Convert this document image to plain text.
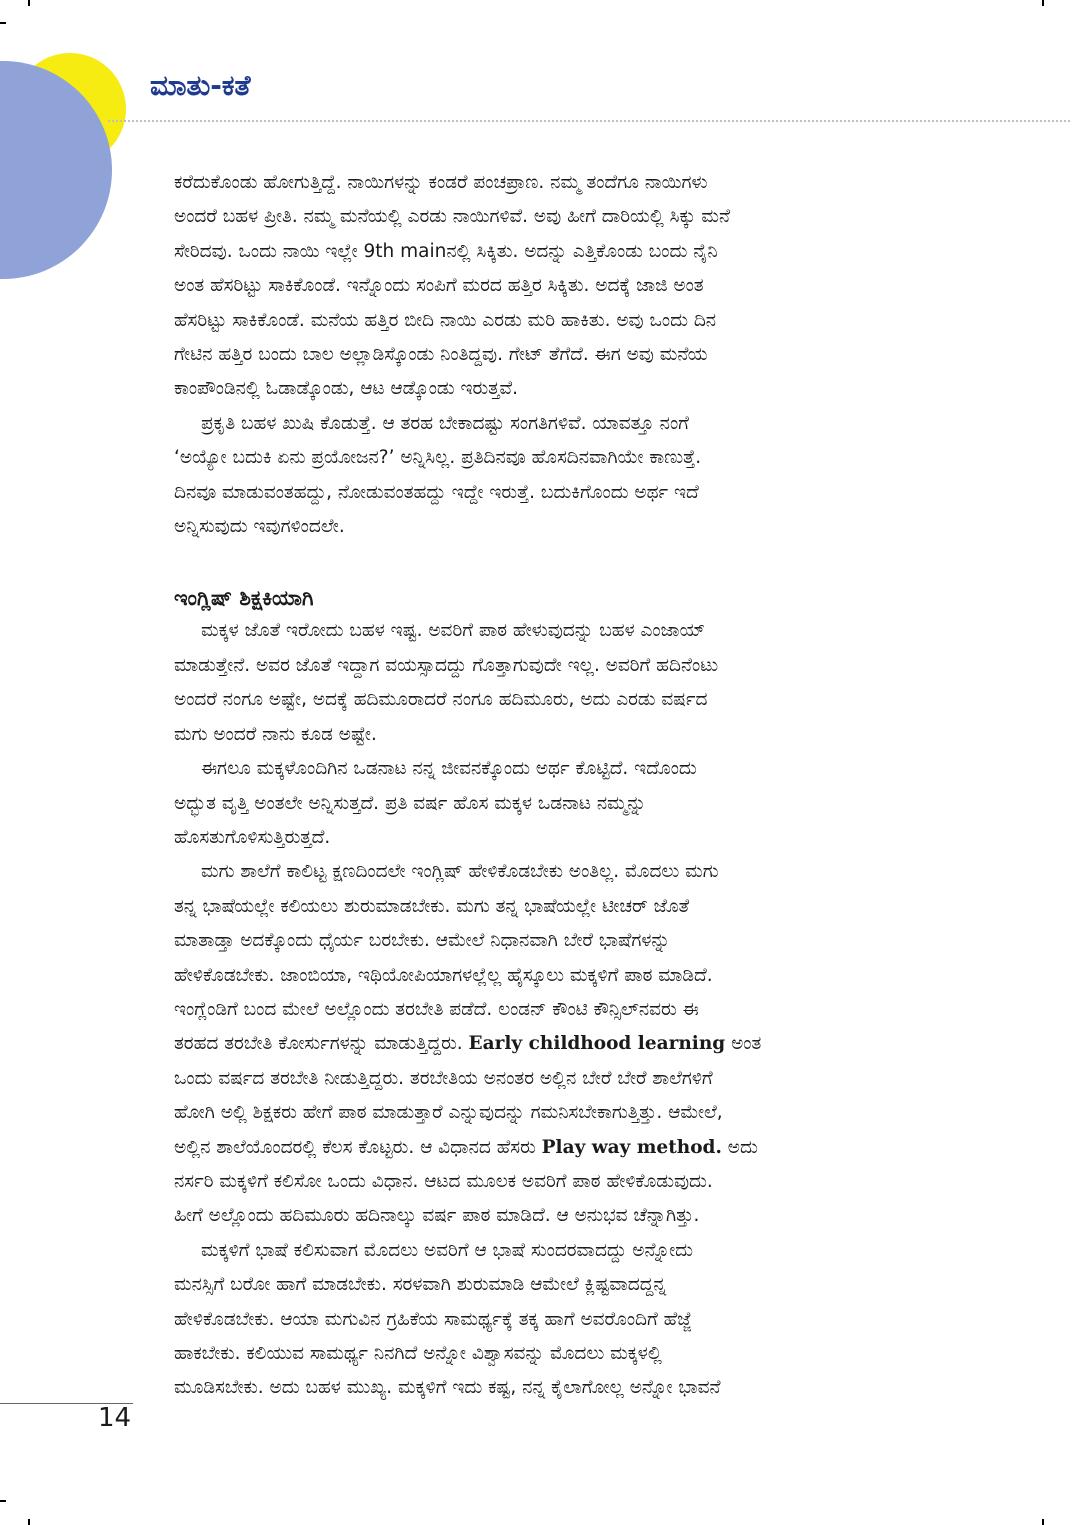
ಮಾತು-ಕತೆ

ಕರೆದುಕೊಂಡು ಹೋಗುತ್ತಿದ್ದೆ. ನಾಯಿಗಳನ್ನು ಕಂಡರೆ ಪಂಚಪ್ರಾಣ. ನಮ್ಮ ತಂದೆಗೂ ನಾಯಿಗಳು
ಅಂದರೆ ಬಹಳ ಪ್ರೀತಿ. ನಮ್ಮ ಮನೆಯಲ್ಲಿ ಎರಡು ನಾಯಿಗಳಿವೆ. ಅವು ಹೀಗೆ ದಾರಿಯಲ್ಲಿ ಸಿಕ್ಕು ಮನೆ
ಸೇರಿದವು. ಒಂದು ನಾಯಿ ಇಲ್ಲೇ 9th mainನಲ್ಲಿ ಸಿಕ್ಕಿತು. ಅದನ್ನು ಎತ್ತಿಕೊಂಡು ಬಂದು ನೈನಿ
ಅಂತ ಹೆಸರಿಟ್ಟು ಸಾಕಿಕೊಂಡೆ. ಇನ್ನೊಂದು ಸಂಪಿಗೆ ಮರದ ಹತ್ತಿರ ಸಿಕ್ಕಿತು. ಅದಕ್ಕೆ ಜಾಜಿ ಅಂತ
ಹೆಸರಿಟ್ಟು ಸಾಕಿಕೊಂಡೆ. ಮನೆಯ ಹತ್ತಿರ ಬೀದಿ ನಾಯಿ ಎರಡು ಮರಿ ಹಾಕಿತು. ಅವು ಒಂದು ದಿನ
ಗೇಟಿನ ಹತ್ತಿರ ಬಂದು ಬಾಲ ಅಲ್ಲಾಡಿಸ್ಕೊಂಡು ನಿಂತಿದ್ದವು. ಗೇಟ್ ತೆಗೆದೆ. ಈಗ ಅವು ಮನೆಯ
ಕಾಂಪೌಂಡಿನಲ್ಲಿ ಓಡಾಡ್ಕೊಂಡು, ಆಟ ಆಡ್ಕೊಂಡು ಇರುತ್ತವೆ.

ಪ್ರಕೃತಿ ಬಹಳ ಖುಷಿ ಕೊಡುತ್ತೆ. ಆ ತರಹ ಬೇಕಾದಷ್ಟು ಸಂಗತಿಗಳಿವೆ. ಯಾವತ್ತೂ ನಂಗೆ
‘ಅಯ್ಯೋ ಬದುಕಿ ಏನು ಪ್ರಯೋಜನ?’ ಅನ್ನಿಸಿಲ್ಲ. ಪ್ರತಿದಿನವೂ ಹೊಸದಿನವಾಗಿಯೇ ಕಾಣುತ್ತೆ.
ದಿನವೂ ಮಾಡುವಂತಹದ್ದು, ನೋಡುವಂತಹದ್ದು ಇದ್ದೇ ಇರುತ್ತೆ. ಬದುಕಿಗೊಂದು ಅರ್ಥ ಇದೆ
ಅನ್ನಿಸುವುದು ಇವುಗಳಿಂದಲೇ.

ಇಂಗ್ಲಿಷ್ ಶಿಕ್ಷಕಿಯಾಗಿ

ಮಕ್ಕಳ ಜೊತೆ ಇರೋದು ಬಹಳ ಇಷ್ಟ. ಅವರಿಗೆ ಪಾಠ ಹೇಳುವುದನ್ನು ಬಹಳ ಎಂಜಾಯ್
ಮಾಡುತ್ತೇನೆ. ಅವರ ಜೊತೆ ಇದ್ದಾಗ ವಯಸ್ಸಾದದ್ದು ಗೊತ್ತಾಗುವುದೇ ಇಲ್ಲ. ಅವರಿಗೆ ಹದಿನೆಂಟು
ಅಂದರೆ ನಂಗೂ ಅಷ್ಟೇ, ಅದಕ್ಕೆ ಹದಿಮೂರಾದರೆ ನಂಗೂ ಹದಿಮೂರು, ಅದು ಎರಡು ವರ್ಷದ
ಮಗು ಅಂದರೆ ನಾನು ಕೂಡ ಅಷ್ಟೇ.

ಈಗಲೂ ಮಕ್ಕಳೊಂದಿಗಿನ ಒಡನಾಟ ನನ್ನ ಜೀವನಕ್ಕೊಂದು ಅರ್ಥ ಕೊಟ್ಟಿದೆ. ಇದೊಂದು
ಅದ್ಭುತ ವೃತ್ತಿ ಅಂತಲೇ ಅನ್ನಿಸುತ್ತದೆ. ಪ್ರತಿ ವರ್ಷ ಹೊಸ ಮಕ್ಕಳ ಒಡನಾಟ ನಮ್ಮನ್ನು
ಹೊಸತುಗೊಳಿಸುತ್ತಿರುತ್ತದೆ.

ಮಗು ಶಾಲೆಗೆ ಕಾಲಿಟ್ಟ ಕ್ಷಣದಿಂದಲೇ ಇಂಗ್ಲಿಷ್ ಹೇಳಿಕೊಡಬೇಕು ಅಂತಿಲ್ಲ. ಮೊದಲು ಮಗು
ತನ್ನ ಭಾಷೆಯಲ್ಲೇ ಕಲಿಯಲು ಶುರುಮಾಡಬೇಕು. ಮಗು ತನ್ನ ಭಾಷೆಯಲ್ಲೇ ಟೀಚರ್ ಜೊತೆ
ಮಾತಾಡ್ತಾ ಅದಕ್ಕೊಂದು ಧೈರ್ಯ ಬರಬೇಕು. ಆಮೇಲೆ ನಿಧಾನವಾಗಿ ಬೇರೆ ಭಾಷೆಗಳನ್ನು
ಹೇಳಿಕೊಡಬೇಕು. ಜಾಂಬಿಯಾ, ಇಥಿಯೋಪಿಯಾಗಳಲ್ಲೆಲ್ಲ ಹೈಸ್ಕೂಲು ಮಕ್ಕಳಿಗೆ ಪಾಠ ಮಾಡಿದೆ.
ಇಂಗ್ಲೆಂಡಿಗೆ ಬಂದ ಮೇಲೆ ಅಲ್ಲೊಂದು ತರಬೇತಿ ಪಡೆದೆ. ಲಂಡನ್ ಕೌಂಟಿ ಕೌನ್ಸಿಲ್‌ನವರು ಈ
ತರಹದ ತರಬೇತಿ ಕೋರ್ಸುಗಳನ್ನು ಮಾಡುತ್ತಿದ್ದರು. Early childhood learning ಅಂತ
ಒಂದು ವರ್ಷದ ತರಬೇತಿ ನೀಡುತ್ತಿದ್ದರು. ತರಬೇತಿಯ ಅನಂತರ ಅಲ್ಲಿನ ಬೇರೆ ಬೇರೆ ಶಾಲೆಗಳಿಗೆ
ಹೋಗಿ ಅಲ್ಲಿ ಶಿಕ್ಷಕರು ಹೇಗೆ ಪಾಠ ಮಾಡುತ್ತಾರೆ ಎನ್ನುವುದನ್ನು ಗಮನಿಸಬೇಕಾಗುತ್ತಿತ್ತು. ಆಮೇಲೆ,
ಅಲ್ಲಿನ ಶಾಲೆಯೊಂದರಲ್ಲಿ ಕೆಲಸ ಕೊಟ್ಟರು. ಆ ವಿಧಾನದ ಹೆಸರು Play way method. ಅದು
ನರ್ಸರಿ ಮಕ್ಕಳಿಗೆ ಕಲಿಸೋ ಒಂದು ವಿಧಾನ. ಆಟದ ಮೂಲಕ ಅವರಿಗೆ ಪಾಠ ಹೇಳಿಕೊಡುವುದು.
ಹೀಗೆ ಅಲ್ಲೊಂದು ಹದಿಮೂರು ಹದಿನಾಲ್ಕು ವರ್ಷ ಪಾಠ ಮಾಡಿದೆ. ಆ ಅನುಭವ ಚೆನ್ನಾಗಿತ್ತು.

ಮಕ್ಕಳಿಗೆ ಭಾಷೆ ಕಲಿಸುವಾಗ ಮೊದಲು ಅವರಿಗೆ ಆ ಭಾಷೆ ಸುಂದರವಾದದ್ದು ಅನ್ನೋದು
ಮನಸ್ಸಿಗೆ ಬರೋ ಹಾಗೆ ಮಾಡಬೇಕು. ಸರಳವಾಗಿ ಶುರುಮಾಡಿ ಆಮೇಲೆ ಕ್ಲಿಷ್ಟವಾದದ್ದನ್ನ
ಹೇಳಿಕೊಡಬೇಕು. ಆಯಾ ಮಗುವಿನ ಗ್ರಹಿಕೆಯ ಸಾಮರ್ಥ್ಯಕ್ಕೆ ತಕ್ಕ ಹಾಗೆ ಅವರೊಂದಿಗೆ ಹೆಜ್ಜೆ
ಹಾಕಬೇಕು. ಕಲಿಯುವ ಸಾಮರ್ಥ್ಯ ನಿನಗಿದೆ ಅನ್ನೋ ವಿಶ್ವಾಸವನ್ನು ಮೊದಲು ಮಕ್ಕಳಲ್ಲಿ
ಮೂಡಿಸಬೇಕು. ಅದು ಬಹಳ ಮುಖ್ಯ. ಮಕ್ಕಳಿಗೆ ಇದು ಕಷ್ಟ, ನನ್ನ ಕೈಲಾಗೋಲ್ಲ ಅನ್ನೋ ಭಾವನೆ

14
